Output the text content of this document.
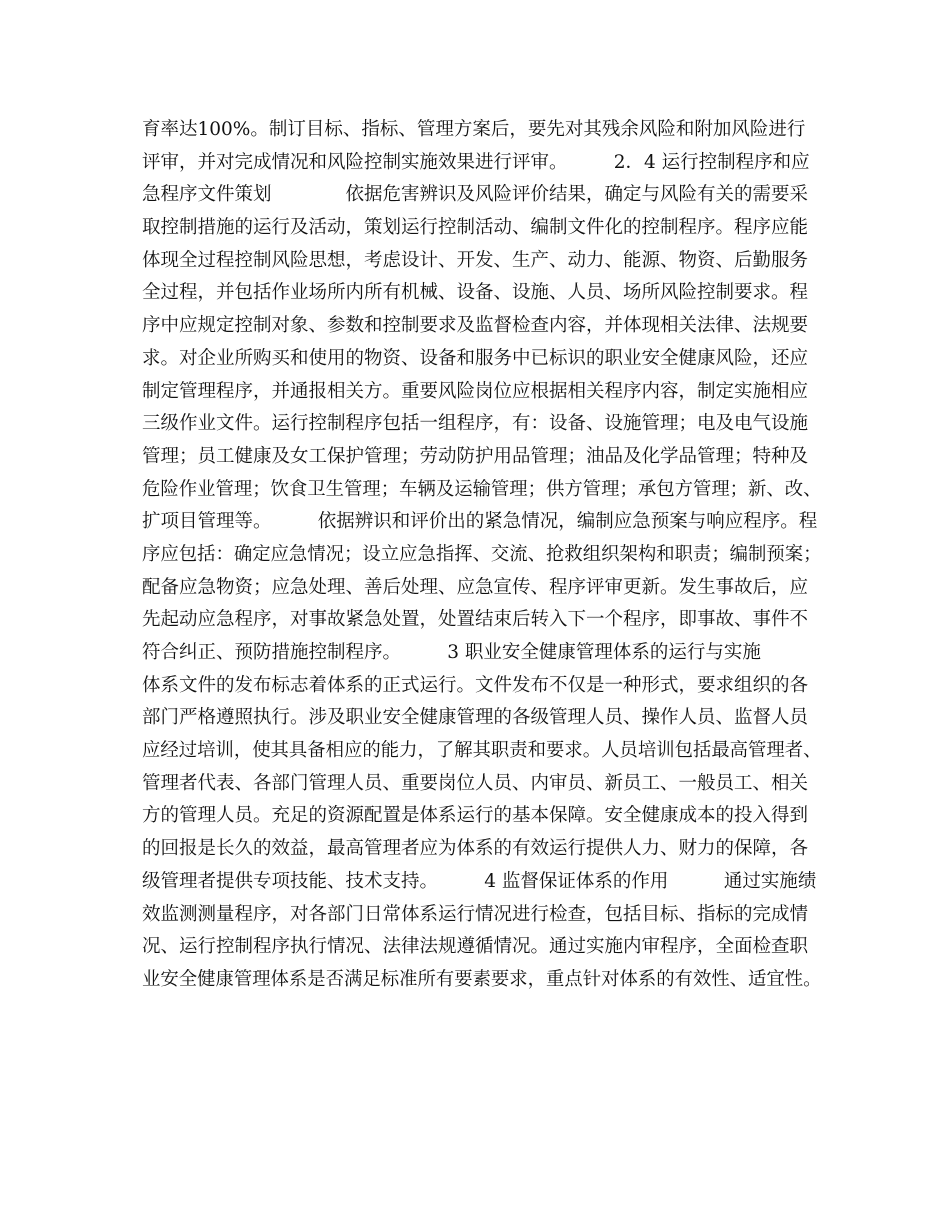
育率达100%。制订目标、指标、管理方案后，要先对其残余风险和附加风险进行
评审，并对完成情况和风险控制实施效果进行评审。　　　2．4 运行控制程序和应
急程序文件策划　　　　依据危害辨识及风险评价结果，确定与风险有关的需要采
取控制措施的运行及活动，策划运行控制活动、编制文件化的控制程序。程序应能
体现全过程控制风险思想，考虑设计、开发、生产、动力、能源、物资、后勤服务
全过程，并包括作业场所内所有机械、设备、设施、人员、场所风险控制要求。程
序中应规定控制对象、参数和控制要求及监督检查内容，并体现相关法律、法规要
求。对企业所购买和使用的物资、设备和服务中已标识的职业安全健康风险，还应
制定管理程序，并通报相关方。重要风险岗位应根据相关程序内容，制定实施相应
三级作业文件。运行控制程序包括一组程序，有：设备、设施管理；电及电气设施
管理；员工健康及女工保护管理；劳动防护用品管理；油品及化学品管理；特种及
危险作业管理；饮食卫生管理；车辆及运输管理；供方管理；承包方管理；新、改、
扩项目管理等。　　　依据辨识和评价出的紧急情况，编制应急预案与响应程序。程
序应包括：确定应急情况；设立应急指挥、交流、抢救组织架构和职责；编制预案；
配备应急物资；应急处理、善后处理、应急宣传、程序评审更新。发生事故后，应
先起动应急程序，对事故紧急处置，处置结束后转入下一个程序，即事故、事件不
符合纠正、预防措施控制程序。　　　3 职业安全健康管理体系的运行与实施　　
体系文件的发布标志着体系的正式运行。文件发布不仅是一种形式，要求组织的各
部门严格遵照执行。涉及职业安全健康管理的各级管理人员、操作人员、监督人员
应经过培训，使其具备相应的能力，了解其职责和要求。人员培训包括最高管理者、
管理者代表、各部门管理人员、重要岗位人员、内审员、新员工、一般员工、相关
方的管理人员。充足的资源配置是体系运行的基本保障。安全健康成本的投入得到
的回报是长久的效益，最高管理者应为体系的有效运行提供人力、财力的保障，各
级管理者提供专项技能、技术支持。　　　4 监督保证体系的作用　　　通过实施绩
效监测测量程序，对各部门日常体系运行情况进行检查，包括目标、指标的完成情
况、运行控制程序执行情况、法律法规遵循情况。通过实施内审程序，全面检查职
业安全健康管理体系是否满足标准所有要素要求，重点针对体系的有效性、适宜性。
